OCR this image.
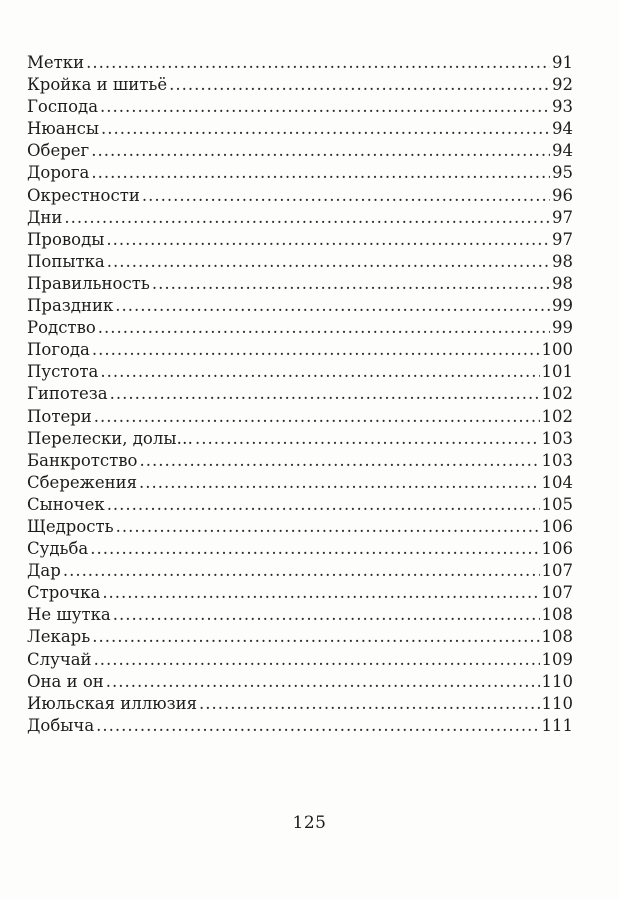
Метки .....	91
Кройка и шитьё .....	92
Господа .....	93
Нюансы .....	94
Оберег .....	94
Дорога .....	95
Окрестности .....	96
Дни .....	97
Проводы .....	97
Попытка .....	98
Правильность .....	98
Праздник .....	99
Родство .....	99
Погода .....	100
Пустота .....	101
Гипотеза .....	102
Потери .....	102
Перелески, долы… .....	103
Банкротство .....	103
Сбережения .....	104
Сыночек .....	105
Щедрость .....	106
Судьба .....	106
Дар .....	107
Строчка .....	107
Не шутка .....	108
Лекарь .....	108
Случай .....	109
Она и он .....	110
Июльская иллюзия .....	110
Добыча .....	111
125
